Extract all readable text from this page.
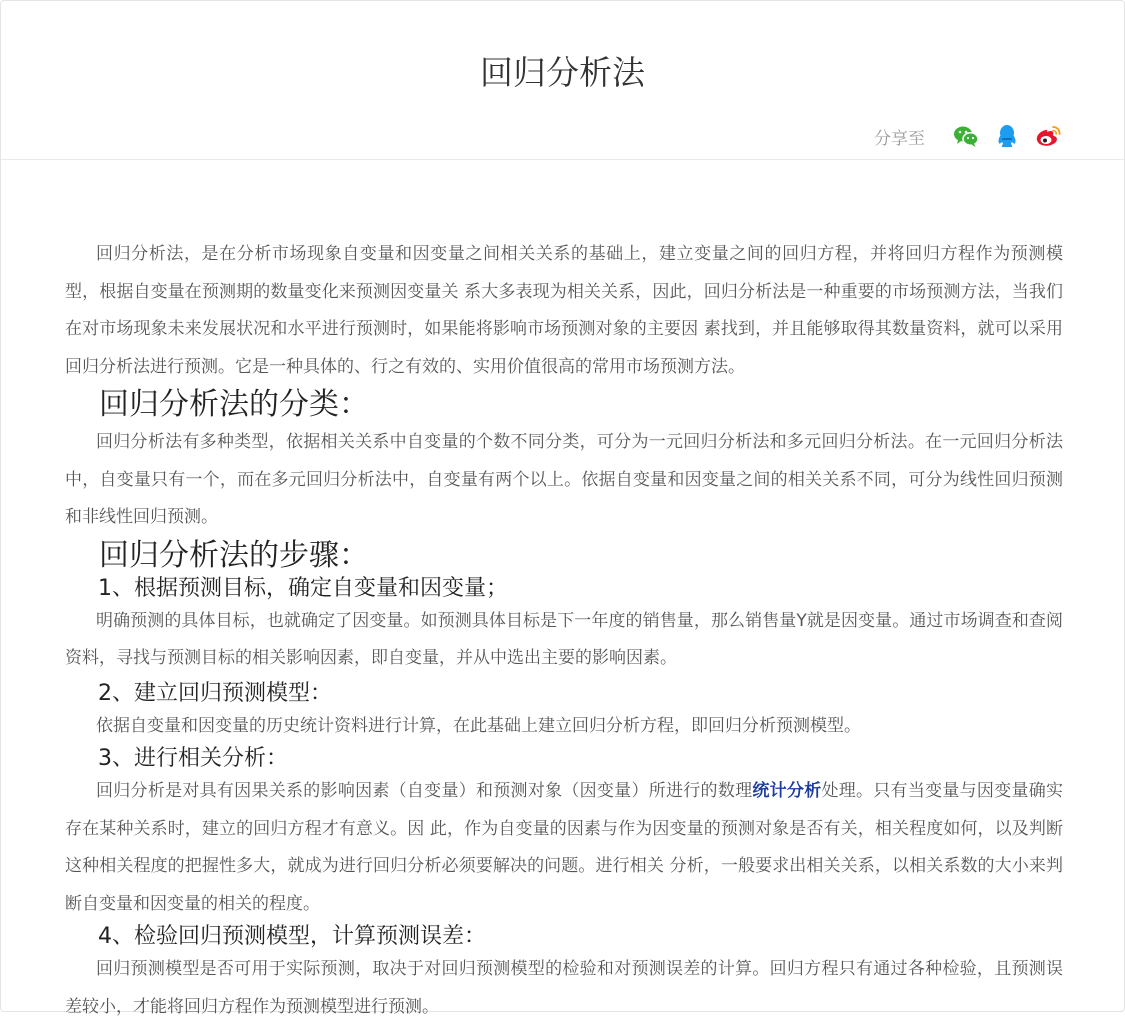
回归分析法
分享至

回归分析法，是在分析市场现象自变量和因变量之间相关关系的基础上，建立变量之间的回归方程，并将回归方程作为预测模型，根据自变量在预测期的数量变化来预测因变量关 系大多表现为相关关系，因此，回归分析法是一种重要的市场预测方法，当我们在对市场现象未来发展状况和水平进行预测时，如果能将影响市场预测对象的主要因 素找到，并且能够取得其数量资料，就可以采用回归分析法进行预测。它是一种具体的、行之有效的、实用价值很高的常用市场预测方法。

回归分析法的分类：

回归分析法有多种类型，依据相关关系中自变量的个数不同分类，可分为一元回归分析法和多元回归分析法。在一元回归分析法中，自变量只有一个，而在多元回归分析法中，自变量有两个以上。依据自变量和因变量之间的相关关系不同，可分为线性回归预测和非线性回归预测。

回归分析法的步骤：
1、根据预测目标，确定自变量和因变量；

明确预测的具体目标，也就确定了因变量。如预测具体目标是下一年度的销售量，那么销售量Y就是因变量。通过市场调查和查阅资料，寻找与预测目标的相关影响因素，即自变量，并从中选出主要的影响因素。

2、建立回归预测模型：

依据自变量和因变量的历史统计资料进行计算，在此基础上建立回归分析方程，即回归分析预测模型。

3、进行相关分析：

回归分析是对具有因果关系的影响因素（自变量）和预测对象（因变量）所进行的数理统计分析处理。只有当变量与因变量确实存在某种关系时，建立的回归方程才有意义。因 此，作为自变量的因素与作为因变量的预测对象是否有关，相关程度如何，以及判断这种相关程度的把握性多大，就成为进行回归分析必须要解决的问题。进行相关 分析，一般要求出相关关系，以相关系数的大小来判断自变量和因变量的相关的程度。

4、检验回归预测模型，计算预测误差：

回归预测模型是否可用于实际预测，取决于对回归预测模型的检验和对预测误差的计算。回归方程只有通过各种检验，且预测误差较小，才能将回归方程作为预测模型进行预测。
